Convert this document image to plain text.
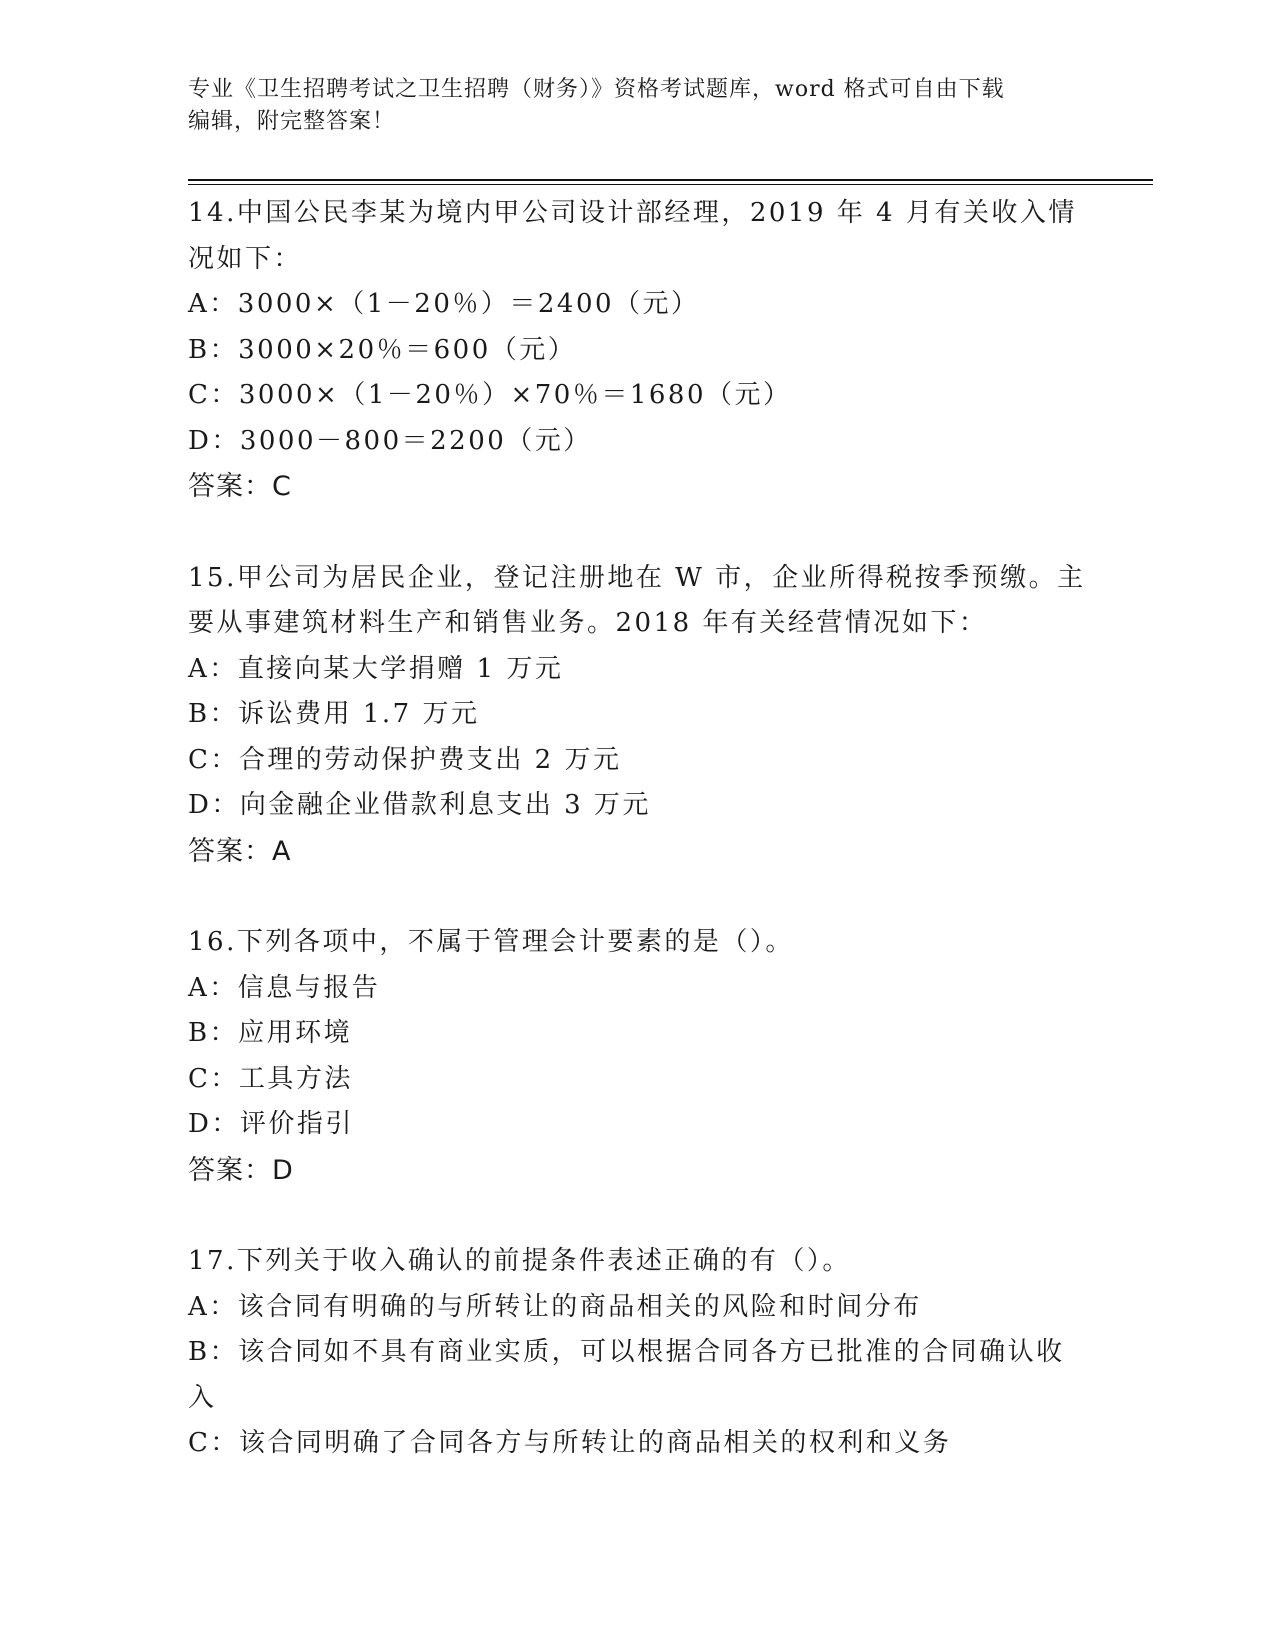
专业《卫生招聘考试之卫生招聘（财务）》资格考试题库，word 格式可自由下载
编辑，附完整答案！
14.中国公民李某为境内甲公司设计部经理，2019 年 4 月有关收入情况如下：
A：3000×（1－20％）＝2400（元）
B：3000×20％＝600（元）
C：3000×（1－20％）×70％＝1680（元）
D：3000－800＝2200（元）
答案：C
15.甲公司为居民企业，登记注册地在 W 市，企业所得税按季预缴。主要从事建筑材料生产和销售业务。2018 年有关经营情况如下：
A：直接向某大学捐赠 1 万元
B：诉讼费用 1.7 万元
C：合理的劳动保护费支出 2 万元
D：向金融企业借款利息支出 3 万元
答案：A
16.下列各项中，不属于管理会计要素的是（）。
A：信息与报告
B：应用环境
C：工具方法
D：评价指引
答案：D
17.下列关于收入确认的前提条件表述正确的有（）。
A：该合同有明确的与所转让的商品相关的风险和时间分布
B：该合同如不具有商业实质，可以根据合同各方已批准的合同确认收入
C：该合同明确了合同各方与所转让的商品相关的权利和义务
